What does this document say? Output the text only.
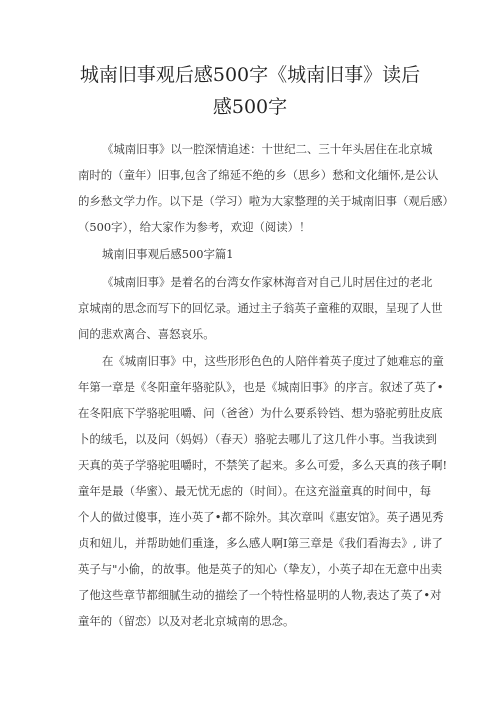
城南旧事观后感500字《城南旧事》读后
感500字
《城南旧事》以一腔深情追述：十世纪二、三十年头居住在北京城
南时的（童年）旧事,包含了绵延不绝的乡（思乡）愁和文化缅怀,是公认
的乡愁文学力作。以下是（学习）啦为大家整理的关于城南旧事（观后感）
（500字），给大家作为参考，欢迎（阅读）！
城南旧事观后感500字篇1
《城南旧事》是着名的台湾女作家林海音对自己儿时居住过的老北
京城南的思念而写下的回忆录。通过主子翁英子童稚的双眼，呈现了人世
间的悲欢离合、喜怒哀乐。
在《城南旧事》中，这些形形色色的人陪伴着英子度过了她难忘的童
年第一章是《冬阳童年骆驼队》，也是《城南旧事》的序言。叙述了英了•
在冬阳底下学骆驼咀嚼、问（爸爸）为什么要系铃铛、想为骆驼剪肚皮底
卜的绒毛，以及问（妈妈）（春天）骆驼去哪儿了这几件小事。当我读到
天真的英子学骆驼咀嚼时，不禁笑了起来。多么可爱，多么天真的孩子啊!
童年是最（华蜜）、最无忧无虑的（时间）。在这充溢童真的时间中，每
个人的做过傻事，连小英了•都不除外。其次章叫《惠安馆》。英子遇见秀
贞和妞儿，并帮助她们重逢，多么感人啊I第三章是《我们看海去》, 讲了
英子与"小偷，的故事。他是英子的知心（挚友），小英子却在无意中出卖
了他这些章节都细腻生动的描绘了一个特性格显明的人物,表达了英了•对
童年的（留恋）以及对老北京城南的思念。
